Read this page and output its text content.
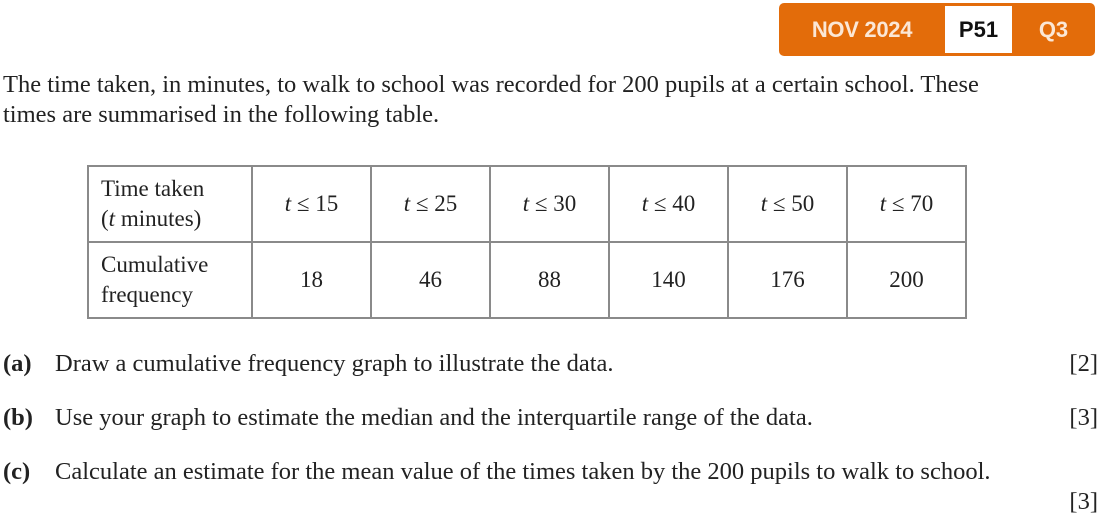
NOV 2024	P51	Q3
The time taken, in minutes, to walk to school was recorded for 200 pupils at a certain school. These
times are summarised in the following table.
Time taken
(t minutes)	t ≤ 15	t ≤ 25	t ≤ 30	t ≤ 40	t ≤ 50	t ≤ 70
Cumulative
frequency	18	46	88	140	176	200
(a) Draw a cumulative frequency graph to illustrate the data.	[2]
(b) Use your graph to estimate the median and the interquartile range of the data.	[3]
(c) Calculate an estimate for the mean value of the times taken by the 200 pupils to walk to school.
[3]
